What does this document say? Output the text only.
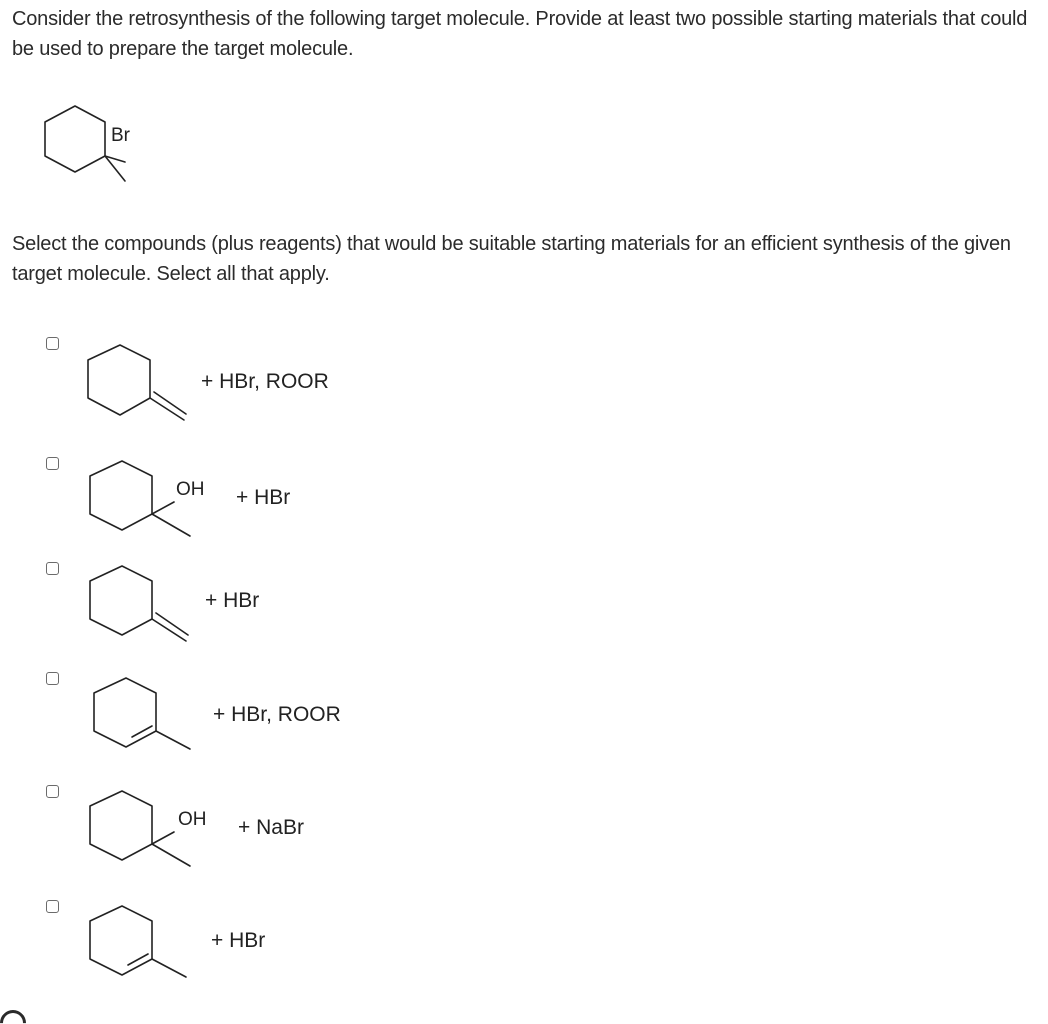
Consider the retrosynthesis of the following target molecule. Provide at least two possible starting materials that could be used to prepare the target molecule.

Br

Select the compounds (plus reagents) that would be suitable starting materials for an efficient synthesis of the given target molecule. Select all that apply.

+ HBr, ROOR
OH + HBr
+ HBr
+ HBr, ROOR
OH + NaBr
+ HBr
